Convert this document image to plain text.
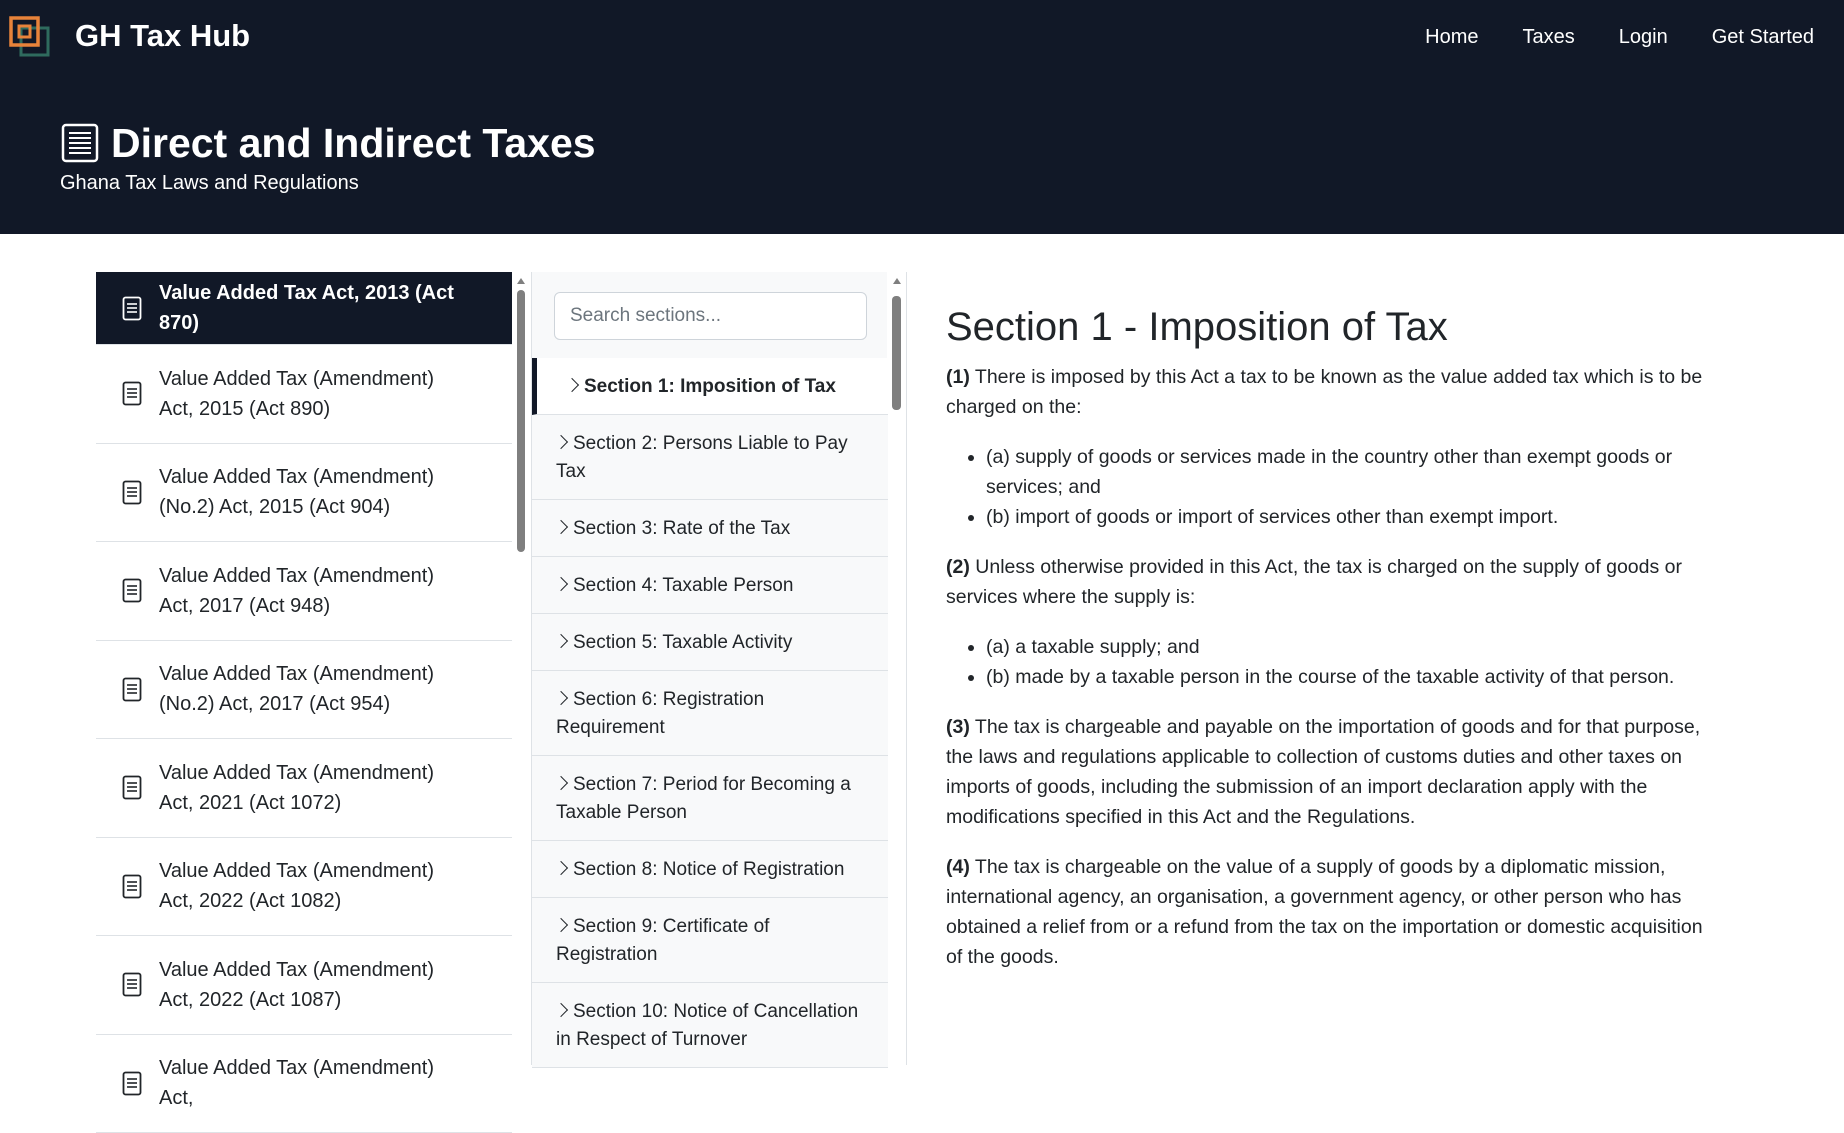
GH Tax Hub	Home Taxes Login Get Started
Direct and Indirect Taxes
Ghana Tax Laws and Regulations
Value Added Tax Act, 2013 (Act 870)
Value Added Tax (Amendment) Act, 2015 (Act 890)
Value Added Tax (Amendment) (No.2) Act, 2015 (Act 904)
Value Added Tax (Amendment) Act, 2017 (Act 948)
Value Added Tax (Amendment) (No.2) Act, 2017 (Act 954)
Value Added Tax (Amendment) Act, 2021 (Act 1072)
Value Added Tax (Amendment) Act, 2022 (Act 1082)
Value Added Tax (Amendment) Act, 2022 (Act 1087)
Value Added Tax (Amendment) Act,
Search sections...
Section 1: Imposition of Tax
Section 2: Persons Liable to Pay Tax
Section 3: Rate of the Tax
Section 4: Taxable Person
Section 5: Taxable Activity
Section 6: Registration Requirement
Section 7: Period for Becoming a Taxable Person
Section 8: Notice of Registration
Section 9: Certificate of Registration
Section 10: Notice of Cancellation in Respect of Turnover
Section 1 - Imposition of Tax

(1) There is imposed by this Act a tax to be known as the value added tax which is to be charged on the:

• (a) supply of goods or services made in the country other than exempt goods or services; and
• (b) import of goods or import of services other than exempt import.

(2) Unless otherwise provided in this Act, the tax is charged on the supply of goods or services where the supply is:

• (a) a taxable supply; and
• (b) made by a taxable person in the course of the taxable activity of that person.

(3) The tax is chargeable and payable on the importation of goods and for that purpose, the laws and regulations applicable to collection of customs duties and other taxes on imports of goods, including the submission of an import declaration apply with the modifications specified in this Act and the Regulations.

(4) The tax is chargeable on the value of a supply of goods by a diplomatic mission, international agency, an organisation, a government agency, or other person who has obtained a relief from or a refund from the tax on the importation or domestic acquisition of the goods.
